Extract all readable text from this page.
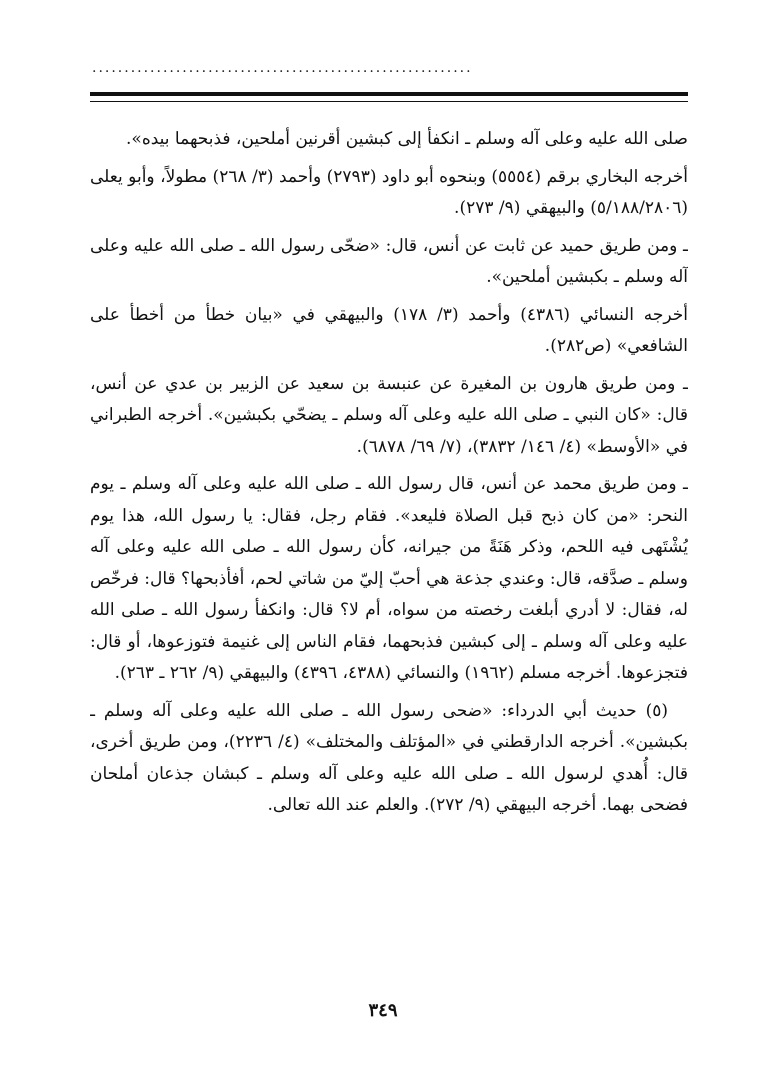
...........................................................

صلى الله عليه وعلى آله وسلم ـ انكفأ إلى كبشين أقرنين أملحين، فذبحهما بيده».

أخرجه البخاري برقم (٥٥٥٤) وبنحوه أبو داود (٢٧٩٣) وأحمد (٣/ ٢٦٨) مطولاً، وأبو يعلى (٥/١٨٨/٢٨٠٦) والبيهقي (٩/ ٢٧٣).

ـ ومن طريق حميد عن ثابت عن أنس، قال: «ضحّى رسول الله ـ صلى الله عليه وعلى آله وسلم ـ بكبشين أملحين».

أخرجه النسائي (٤٣٨٦) وأحمد (٣/ ١٧٨) والبيهقي في «بيان خطأ من أخطأ على الشافعي» (ص٢٨٢).

ـ ومن طريق هارون بن المغيرة عن عنبسة بن سعيد عن الزبير بن عدي عن أنس، قال: «كان النبي ـ صلى الله عليه وعلى آله وسلم ـ يضحّي بكبشين». أخرجه الطبراني في «الأوسط» (٤/ ١٤٦/ ٣٨٣٢)، (٧/ ٦٩/ ٦٨٧٨).

ـ ومن طريق محمد عن أنس، قال رسول الله ـ صلى الله عليه وعلى آله وسلم ـ يوم النحر: «من كان ذبح قبل الصلاة فليعد». فقام رجل، فقال: يا رسول الله، هذا يوم يُشْتَهى فيه اللحم، وذكر هَنَةً من جيرانه، كأن رسول الله ـ صلى الله عليه وعلى آله وسلم ـ صدَّقه، قال: وعندي جذعة هي أحبّ إليّ من شاتي لحم، أفأذبحها؟ قال: فرخّص له، فقال: لا أدري أبلغت رخصته من سواه، أم لا؟ قال: وانكفأ رسول الله ـ صلى الله عليه وعلى آله وسلم ـ إلى كبشين فذبحهما، فقام الناس إلى غنيمة فتوزعوها، أو قال: فتجزعوها. أخرجه مسلم (١٩٦٢) والنسائي (٤٣٨٨، ٤٣٩٦) والبيهقي (٩/ ٢٦٢ ـ ٢٦٣).

(٥) حديث أبي الدرداء: «ضحى رسول الله ـ صلى الله عليه وعلى آله وسلم ـ بكبشين». أخرجه الدارقطني في «المؤتلف والمختلف» (٤/ ٢٢٣٦)، ومن طريق أخرى، قال: أُهدي لرسول الله ـ صلى الله عليه وعلى آله وسلم ـ كبشان جذعان أملحان فضحى بهما. أخرجه البيهقي (٩/ ٢٧٢). والعلم عند الله تعالى.

٣٤٩
